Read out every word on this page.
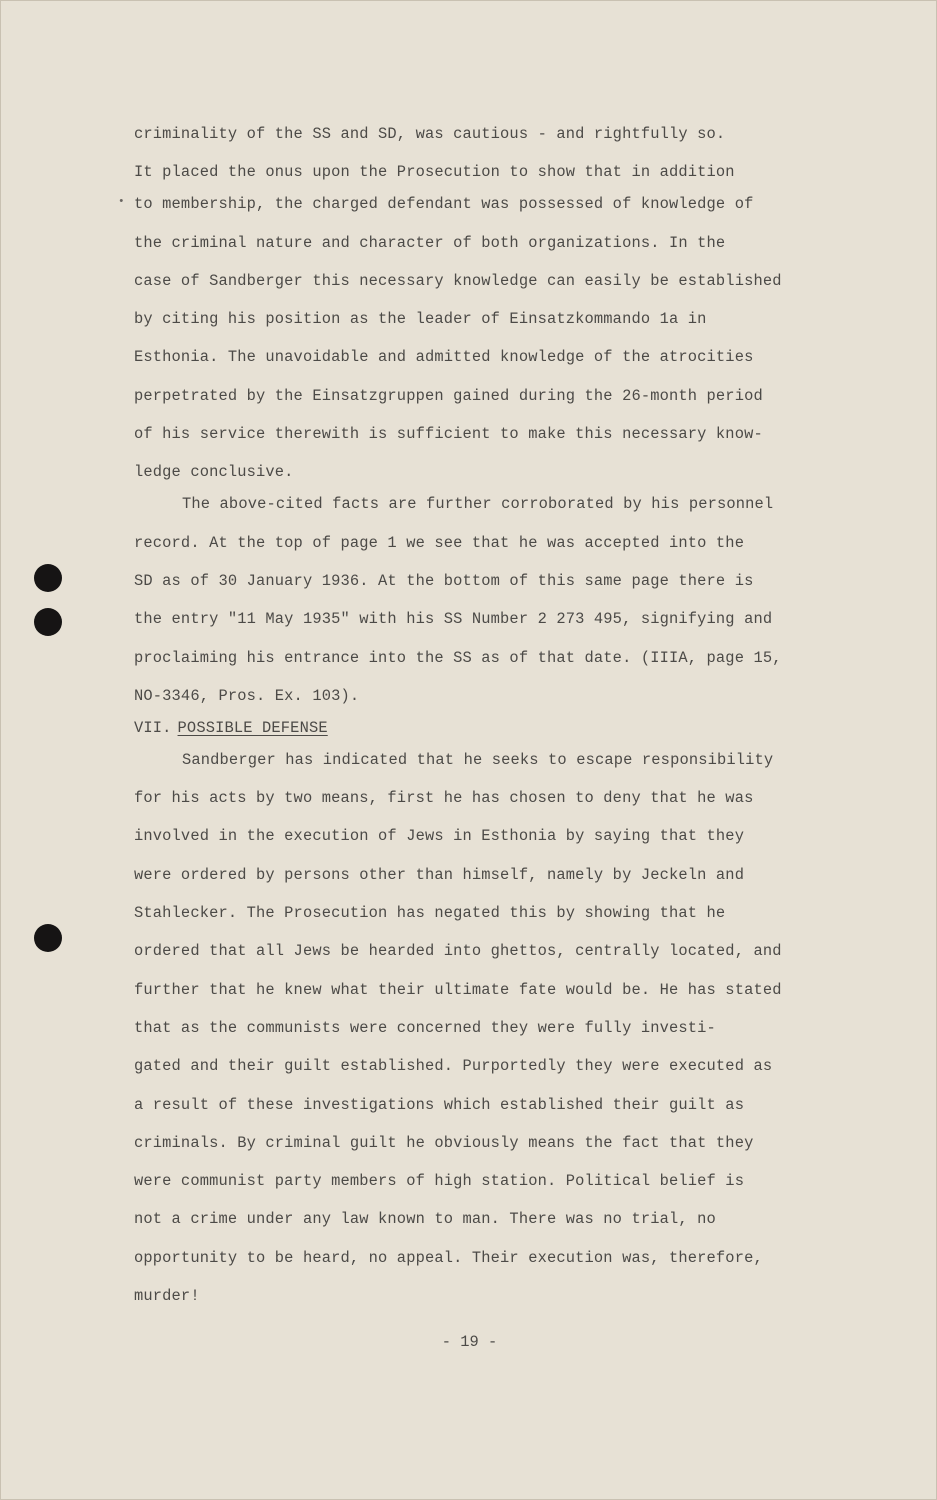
•
criminality of the SS and SD, was cautious - and rightfully so.
It placed the onus upon the Prosecution to show that in addition
to membership, the charged defendant was possessed of knowledge of
the criminal nature and character of both organizations. In the
case of Sandberger this necessary knowledge can easily be established
by citing his position as the leader of Einsatzkommando 1a in
Esthonia. The unavoidable and admitted knowledge of the atrocities
perpetrated by the Einsatzgruppen gained during the 26-month period
of his service therewith is sufficient to make this necessary know-
ledge conclusive.
The above-cited facts are further corroborated by his personnel
record. At the top of page 1 we see that he was accepted into the
SD as of 30 January 1936. At the bottom of this same page there is
the entry "11 May 1935" with his SS Number 2 273 495, signifying and
proclaiming his entrance into the SS as of that date. (IIIA, page 15,
NO-3346, Pros. Ex. 103).
VII. POSSIBLE DEFENSE
Sandberger has indicated that he seeks to escape responsibility
for his acts by two means, first he has chosen to deny that he was
involved in the execution of Jews in Esthonia by saying that they
were ordered by persons other than himself, namely by Jeckeln and
Stahlecker. The Prosecution has negated this by showing that he
ordered that all Jews be hearded into ghettos, centrally located, and
further that he knew what their ultimate fate would be. He has stated
that as the communists were concerned they were fully investi-
gated and their guilt established. Purportedly they were executed as
a result of these investigations which established their guilt as
criminals. By criminal guilt he obviously means the fact that they
were communist party members of high station. Political belief is
not a crime under any law known to man. There was no trial, no
opportunity to be heard, no appeal. Their execution was, therefore,
murder!
- 19 -
